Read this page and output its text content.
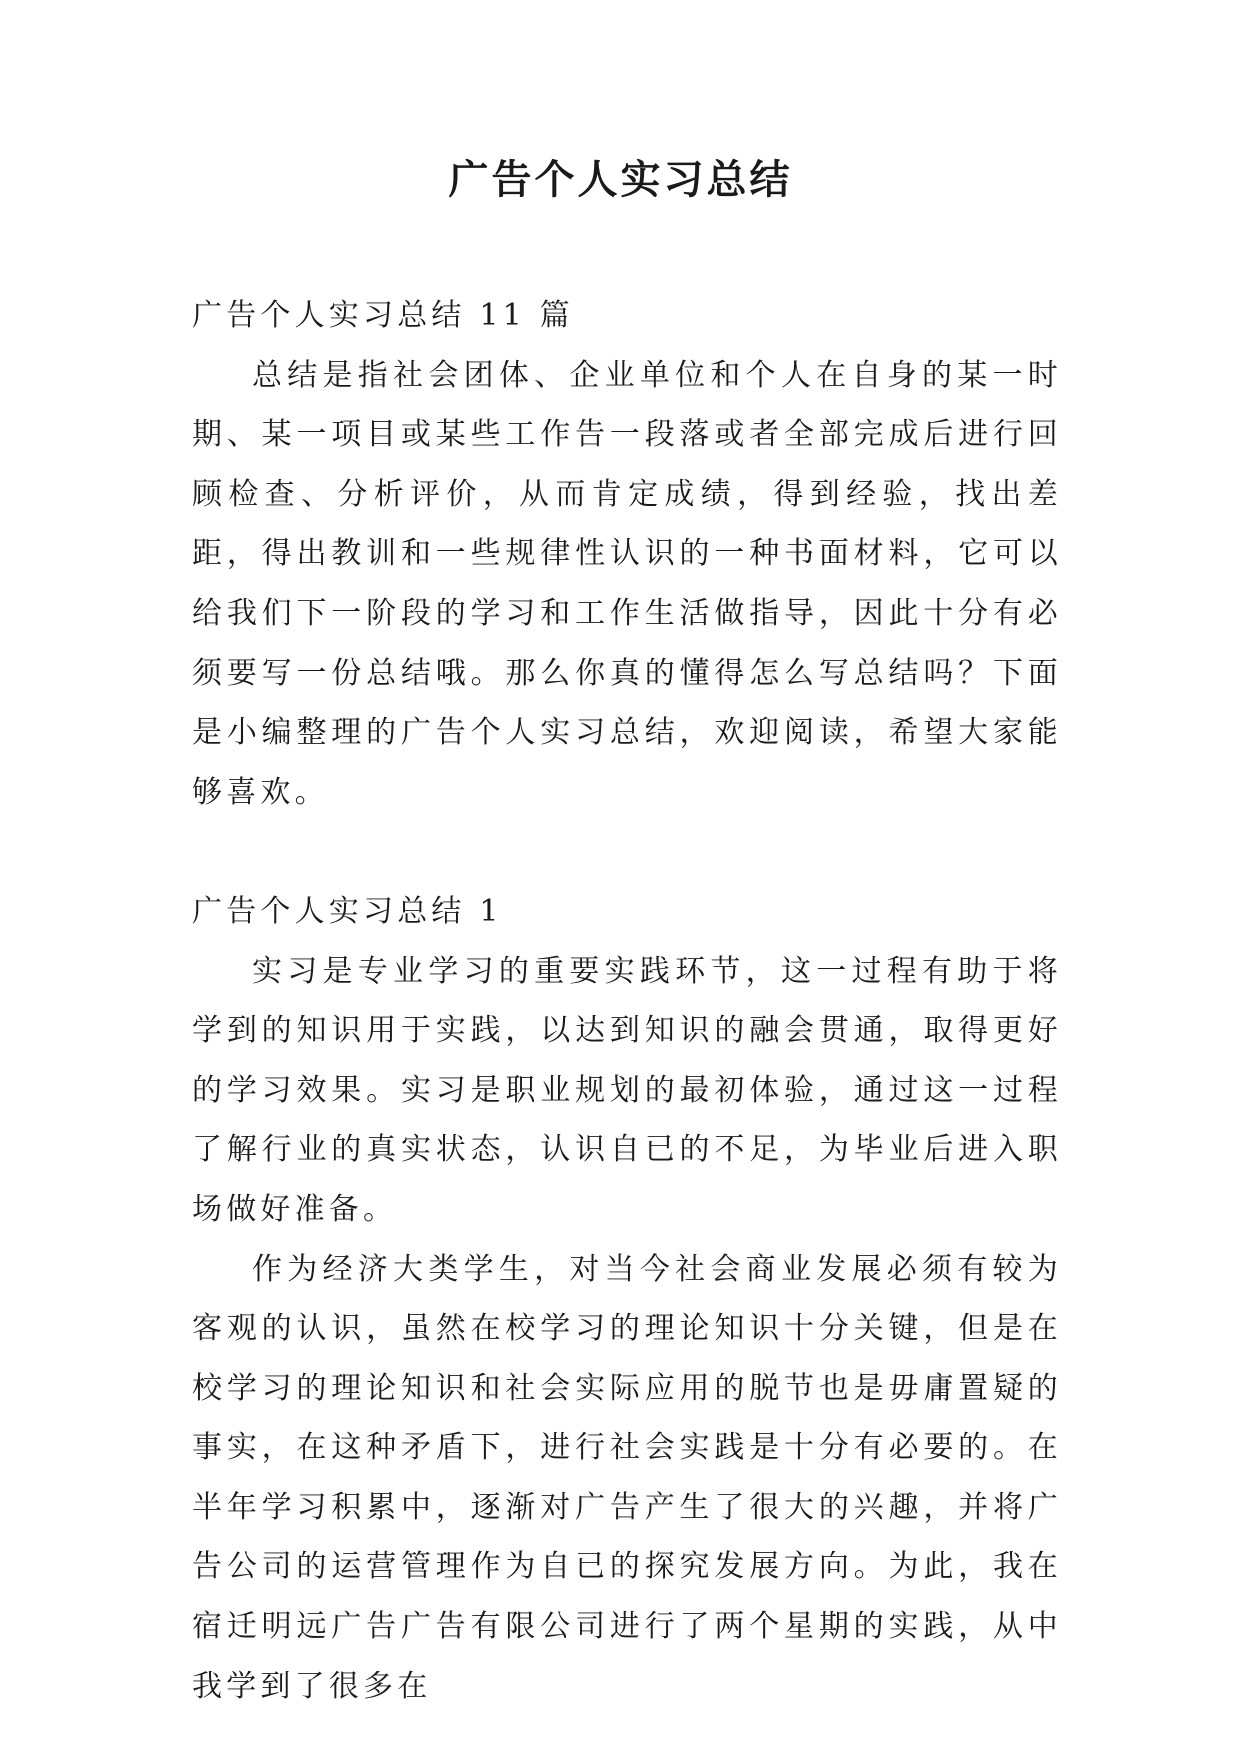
广告个人实习总结

广告个人实习总结 11 篇

总结是指社会团体、企业单位和个人在自身的某一时期、某一项目或某些工作告一段落或者全部完成后进行回顾检查、分析评价，从而肯定成绩，得到经验，找出差距，得出教训和一些规律性认识的一种书面材料，它可以给我们下一阶段的学习和工作生活做指导，因此十分有必须要写一份总结哦。那么你真的懂得怎么写总结吗？下面是小编整理的广告个人实习总结，欢迎阅读，希望大家能够喜欢。

广告个人实习总结 1

实习是专业学习的重要实践环节，这一过程有助于将学到的知识用于实践，以达到知识的融会贯通，取得更好的学习效果。实习是职业规划的最初体验，通过这一过程了解行业的真实状态，认识自已的不足，为毕业后进入职场做好准备。

作为经济大类学生，对当今社会商业发展必须有较为客观的认识，虽然在校学习的理论知识十分关键，但是在校学习的理论知识和社会实际应用的脱节也是毋庸置疑的事实，在这种矛盾下，进行社会实践是十分有必要的。在半年学习积累中，逐渐对广告产生了很大的兴趣，并将广告公司的运营管理作为自已的探究发展方向。为此，我在宿迁明远广告广告有限公司进行了两个星期的实践，从中我学到了很多在
